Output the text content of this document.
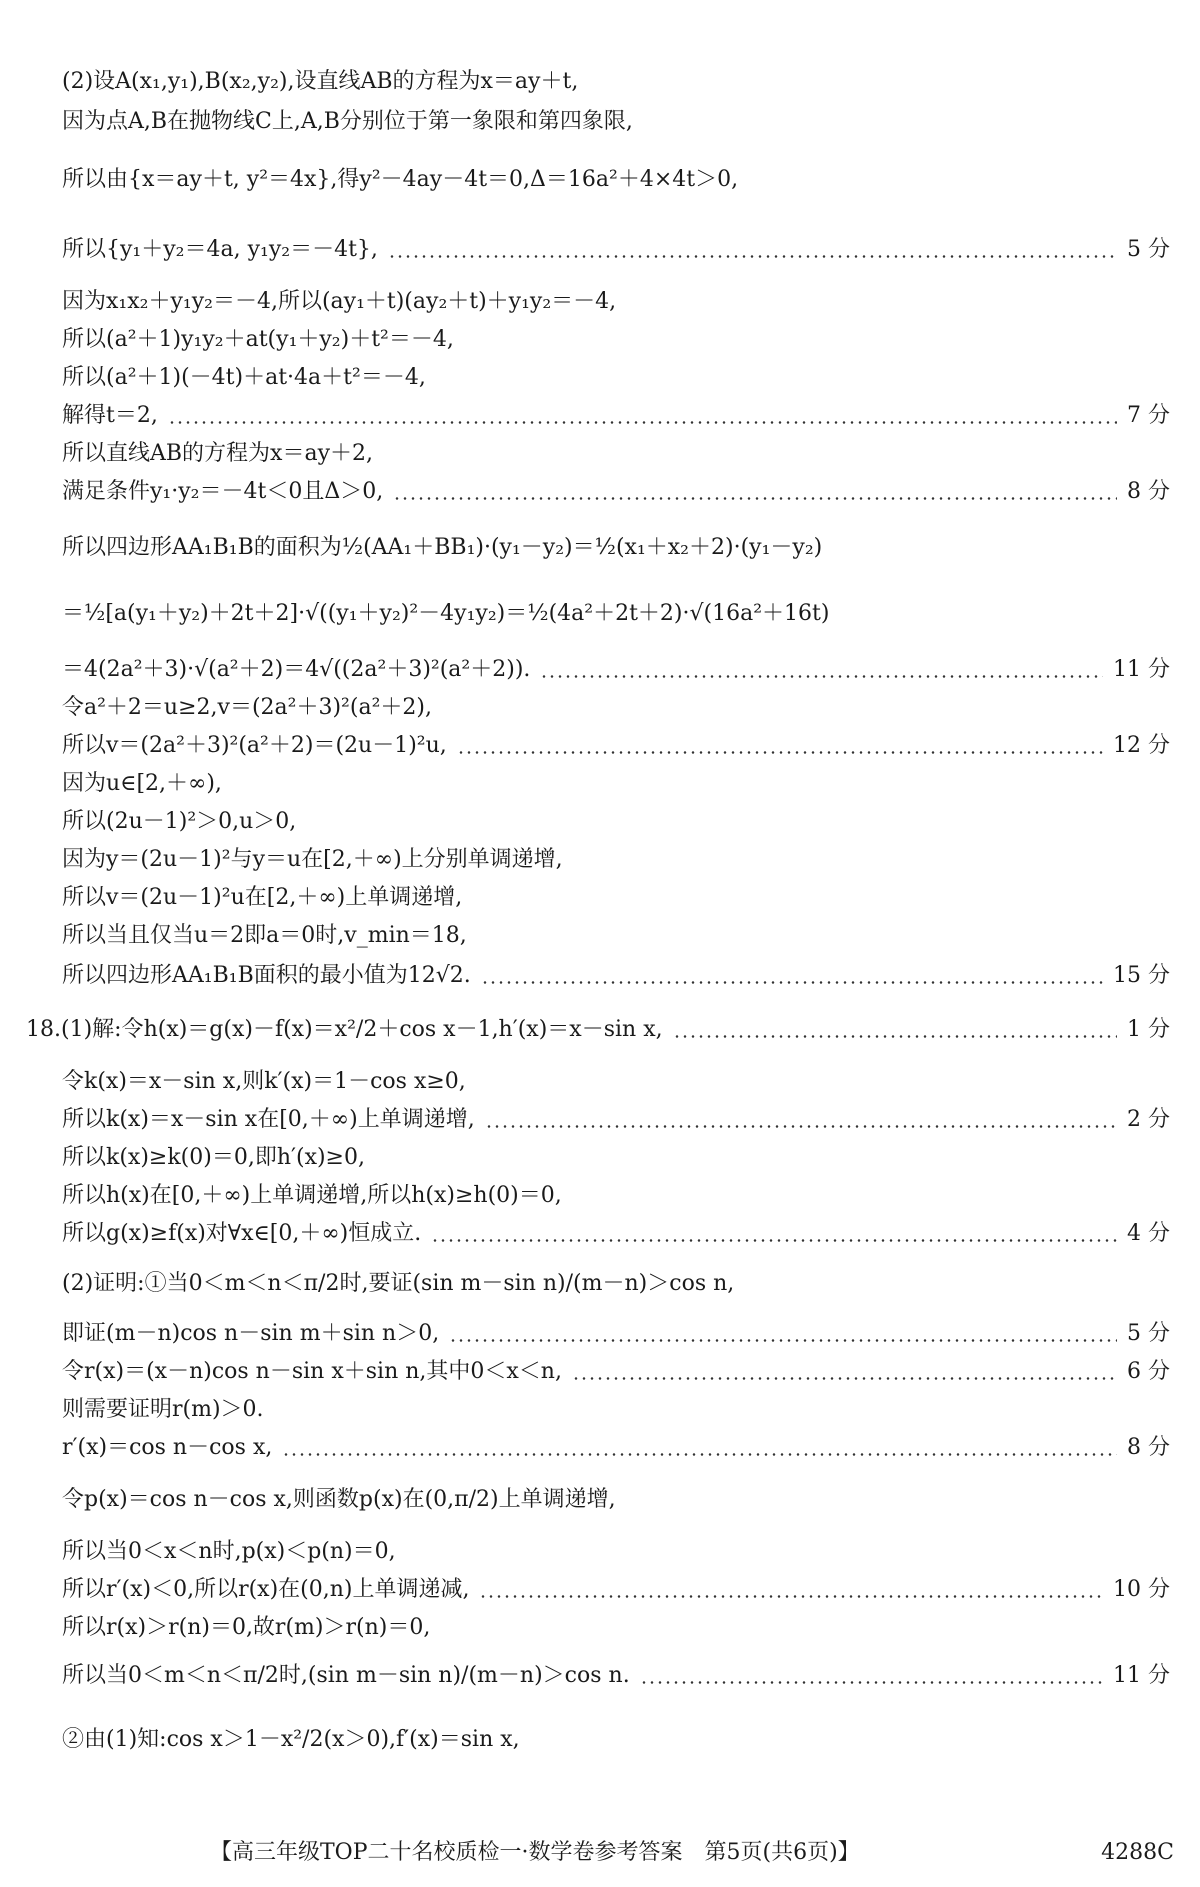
(2)设A(x₁,y₁),B(x₂,y₂),设直线AB的方程为x＝ay＋t,
因为点A,B在抛物线C上,A,B分别位于第一象限和第四象限,
所以由{x＝ay＋t, y²＝4x},得y²－4ay－4t＝0,Δ＝16a²＋4×4t＞0,
所以{y₁＋y₂＝4a, y₁y₂＝－4t},	5 分
因为x₁x₂＋y₁y₂＝－4,所以(ay₁＋t)(ay₂＋t)＋y₁y₂＝－4,
所以(a²＋1)y₁y₂＋at(y₁＋y₂)＋t²＝－4,
所以(a²＋1)(－4t)＋at·4a＋t²＝－4,
解得t＝2,	7 分
所以直线AB的方程为x＝ay＋2,
满足条件y₁·y₂＝－4t＜0且Δ＞0,	8 分
所以四边形AA₁B₁B的面积为½(AA₁＋BB₁)·(y₁－y₂)＝½(x₁＋x₂＋2)·(y₁－y₂)
＝½[a(y₁＋y₂)＋2t＋2]·√((y₁＋y₂)²－4y₁y₂)＝½(4a²＋2t＋2)·√(16a²＋16t)
＝4(2a²＋3)·√(a²＋2)＝4√((2a²＋3)²(a²＋2)).	11 分
令a²＋2＝u≥2,v＝(2a²＋3)²(a²＋2),
所以v＝(2a²＋3)²(a²＋2)＝(2u－1)²u,	12 分
因为u∈[2,＋∞),
所以(2u－1)²＞0,u＞0,
因为y＝(2u－1)²与y＝u在[2,＋∞)上分别单调递增,
所以v＝(2u－1)²u在[2,＋∞)上单调递增,
所以当且仅当u＝2即a＝0时,v_min＝18,
所以四边形AA₁B₁B面积的最小值为12√2.	15 分
18.(1)解:令h(x)＝g(x)－f(x)＝x²/2＋cos x－1,h′(x)＝x－sin x,	1 分
令k(x)＝x－sin x,则k′(x)＝1－cos x≥0,
所以k(x)＝x－sin x在[0,＋∞)上单调递增,	2 分
所以k(x)≥k(0)＝0,即h′(x)≥0,
所以h(x)在[0,＋∞)上单调递增,所以h(x)≥h(0)＝0,
所以g(x)≥f(x)对∀x∈[0,＋∞)恒成立.	4 分
(2)证明:①当0＜m＜n＜π/2时,要证(sin m－sin n)/(m－n)＞cos n,
即证(m－n)cos n－sin m＋sin n＞0,	5 分
令r(x)＝(x－n)cos n－sin x＋sin n,其中0＜x＜n,	6 分
则需要证明r(m)＞0.
r′(x)＝cos n－cos x,	8 分
令p(x)＝cos n－cos x,则函数p(x)在(0,π/2)上单调递增,
所以当0＜x＜n时,p(x)＜p(n)＝0,
所以r′(x)＜0,所以r(x)在(0,n)上单调递减,	10 分
所以r(x)＞r(n)＝0,故r(m)＞r(n)＝0,
所以当0＜m＜n＜π/2时,(sin m－sin n)/(m－n)＞cos n.	11 分
②由(1)知:cos x＞1－x²/2(x＞0),f′(x)＝sin x,
【高三年级TOP二十名校质检一·数学卷参考答案　第5页(共6页)】	4288C
